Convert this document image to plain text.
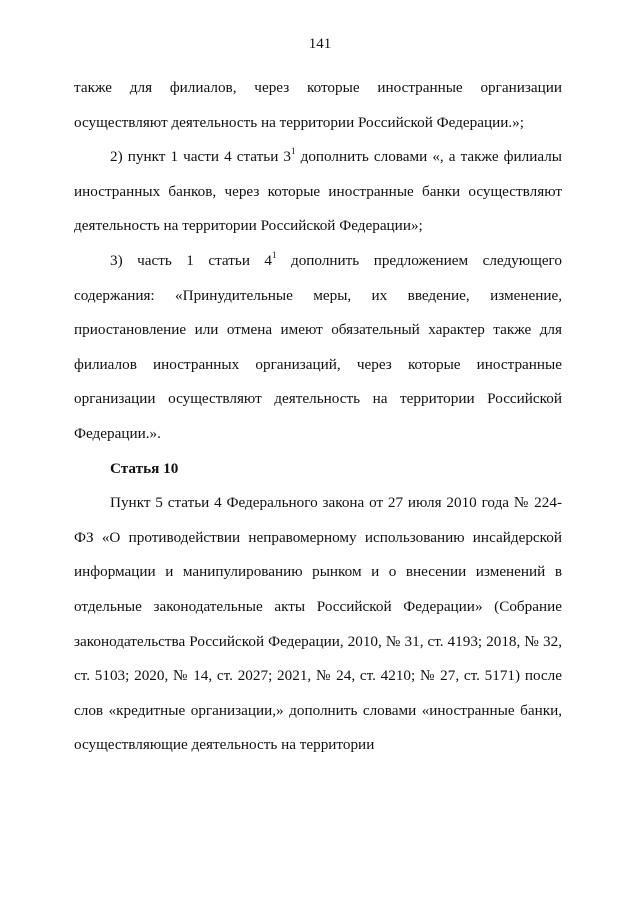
141

также для филиалов, через которые иностранные организации осуществляют деятельность на территории Российской Федерации.»;

2) пункт 1 части 4 статьи $3^1$ дополнить словами «, а также филиалы иностранных банков, через которые иностранные банки осуществляют деятельность на территории Российской Федерации»;

3) часть 1 статьи $4^1$ дополнить предложением следующего содержания: «Принудительные меры, их введение, изменение, приостановление или отмена имеют обязательный характер также для филиалов иностранных организаций, через которые иностранные организации осуществляют деятельность на территории Российской Федерации.».

Статья 10

Пункт 5 статьи 4 Федерального закона от 27 июля 2010 года № 224-ФЗ «О противодействии неправомерному использованию инсайдерской информации и манипулированию рынком и о внесении изменений в отдельные законодательные акты Российской Федерации» (Собрание законодательства Российской Федерации, 2010, № 31, ст. 4193; 2018, № 32, ст. 5103; 2020, № 14, ст. 2027; 2021, № 24, ст. 4210; № 27, ст. 5171) после слов «кредитные организации,» дополнить словами «иностранные банки, осуществляющие деятельность на территории
